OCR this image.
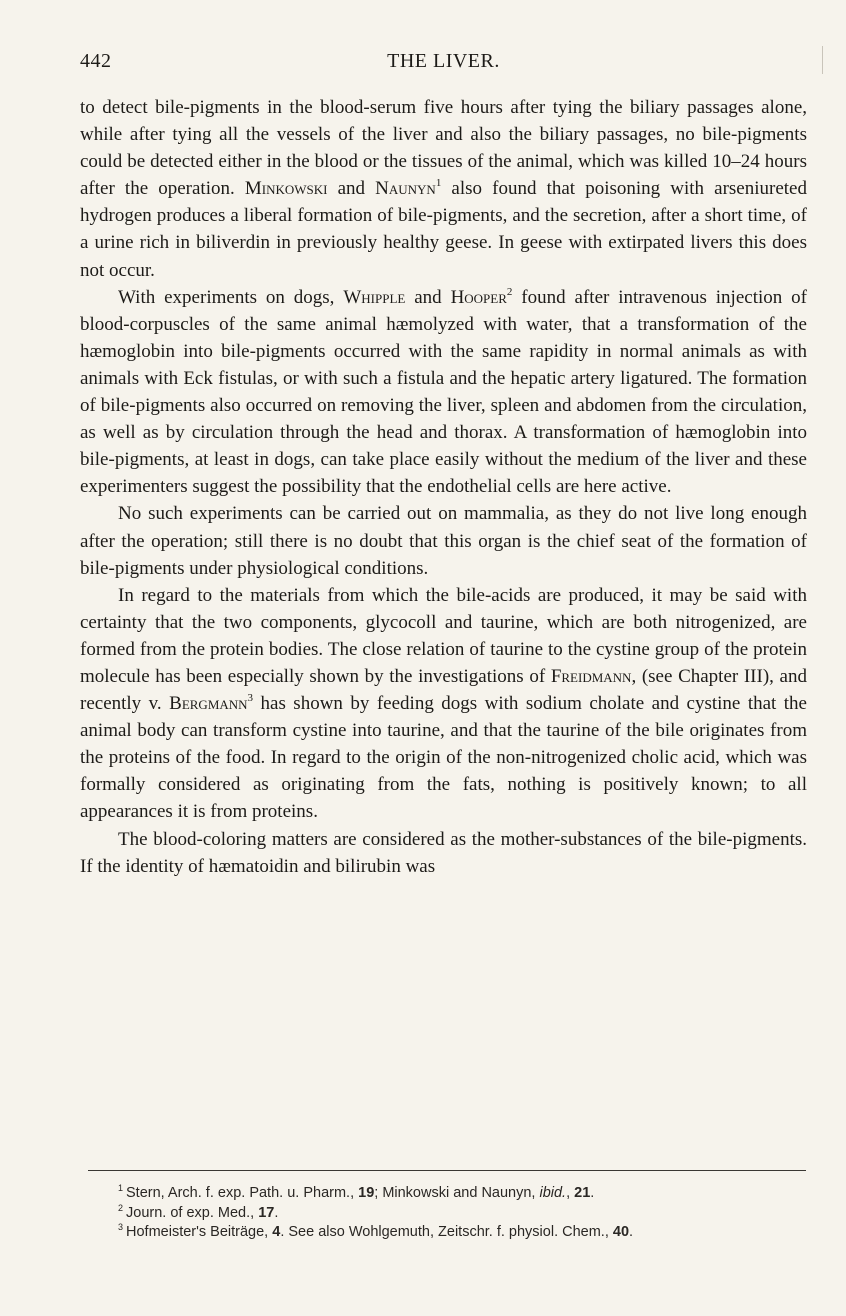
442	THE LIVER.

to detect bile-pigments in the blood-serum five hours after tying the biliary passages alone, while after tying all the vessels of the liver and also the biliary passages, no bile-pigments could be detected either in the blood or the tissues of the animal, which was killed 10–24 hours after the operation. Minkowski and Naunyn$^1$ also found that poisoning with arseniureted hydrogen produces a liberal formation of bile-pigments, and the secretion, after a short time, of a urine rich in biliverdin in previously healthy geese. In geese with extirpated livers this does not occur.

With experiments on dogs, Whipple and Hooper$^2$ found after intravenous injection of blood-corpuscles of the same animal hæmolyzed with water, that a transformation of the hæmoglobin into bile-pigments occurred with the same rapidity in normal animals as with animals with Eck fistulas, or with such a fistula and the hepatic artery ligatured. The formation of bile-pigments also occurred on removing the liver, spleen and abdomen from the circulation, as well as by circulation through the head and thorax. A transformation of hæmoglobin into bile-pigments, at least in dogs, can take place easily without the medium of the liver and these experimenters suggest the possibility that the endothelial cells are here active.

No such experiments can be carried out on mammalia, as they do not live long enough after the operation; still there is no doubt that this organ is the chief seat of the formation of bile-pigments under physiological conditions.

In regard to the materials from which the bile-acids are produced, it may be said with certainty that the two components, glycocoll and taurine, which are both nitrogenized, are formed from the protein bodies. The close relation of taurine to the cystine group of the protein molecule has been especially shown by the investigations of Freidmann, (see Chapter III), and recently v. Bergmann$^3$ has shown by feeding dogs with sodium cholate and cystine that the animal body can transform cystine into taurine, and that the taurine of the bile originates from the proteins of the food. In regard to the origin of the non-nitrogenized cholic acid, which was formally considered as originating from the fats, nothing is positively known; to all appearances it is from proteins.

The blood-coloring matters are considered as the mother-substances of the bile-pigments. If the identity of hæmatoidin and bilirubin was

$^1$ Stern, Arch. f. exp. Path. u. Pharm., 19; Minkowski and Naunyn, ibid., 21.
$^2$ Journ. of exp. Med., 17.
$^3$ Hofmeister's Beiträge, 4. See also Wohlgemuth, Zeitschr. f. physiol. Chem., 40.
